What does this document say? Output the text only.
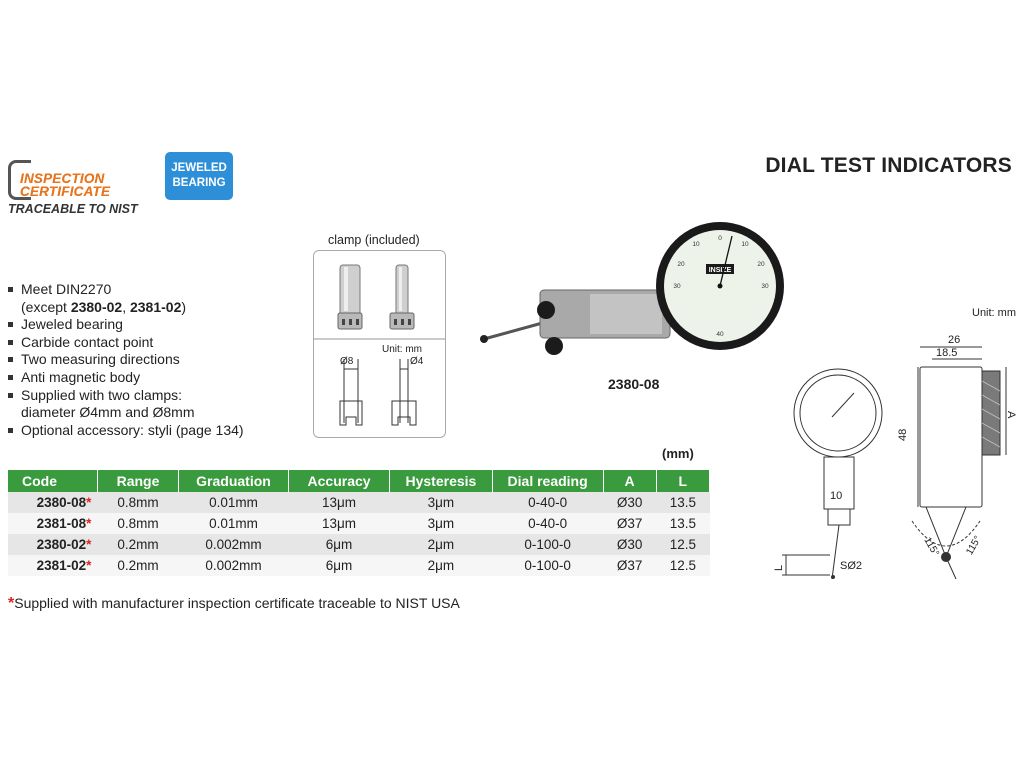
INSPECTION
CERTIFICATE
TRACEABLE TO NIST
JEWELED
BEARING
DIAL TEST INDICATORS
Meet DIN2270
(except 2380-02, 2381-02)
Jeweled bearing
Carbide contact point
Two measuring directions
Anti magnetic body
Supplied with two clamps:
diameter Ø4mm and Ø8mm
Optional accessory: styli (page 134)
clamp (included)
Unit: mm
Ø8	Ø4
0
10
20
30
40
30
20
10
INSIZE
2380-08
Unit: mm
26
18.5
48
A
10
L	SØ2
115° 115°
(mm)
Code	Range	Graduation	Accuracy	Hysteresis	Dial reading	A	L
2380-08*	0.8mm	0.01mm	13μm	3μm	0-40-0	Ø30	13.5
2381-08*	0.8mm	0.01mm	13μm	3μm	0-40-0	Ø37	13.5
2380-02*	0.2mm	0.002mm	6μm	2μm	0-100-0	Ø30	12.5
2381-02*	0.2mm	0.002mm	6μm	2μm	0-100-0	Ø37	12.5
*Supplied with manufacturer inspection certificate traceable to NIST USA
